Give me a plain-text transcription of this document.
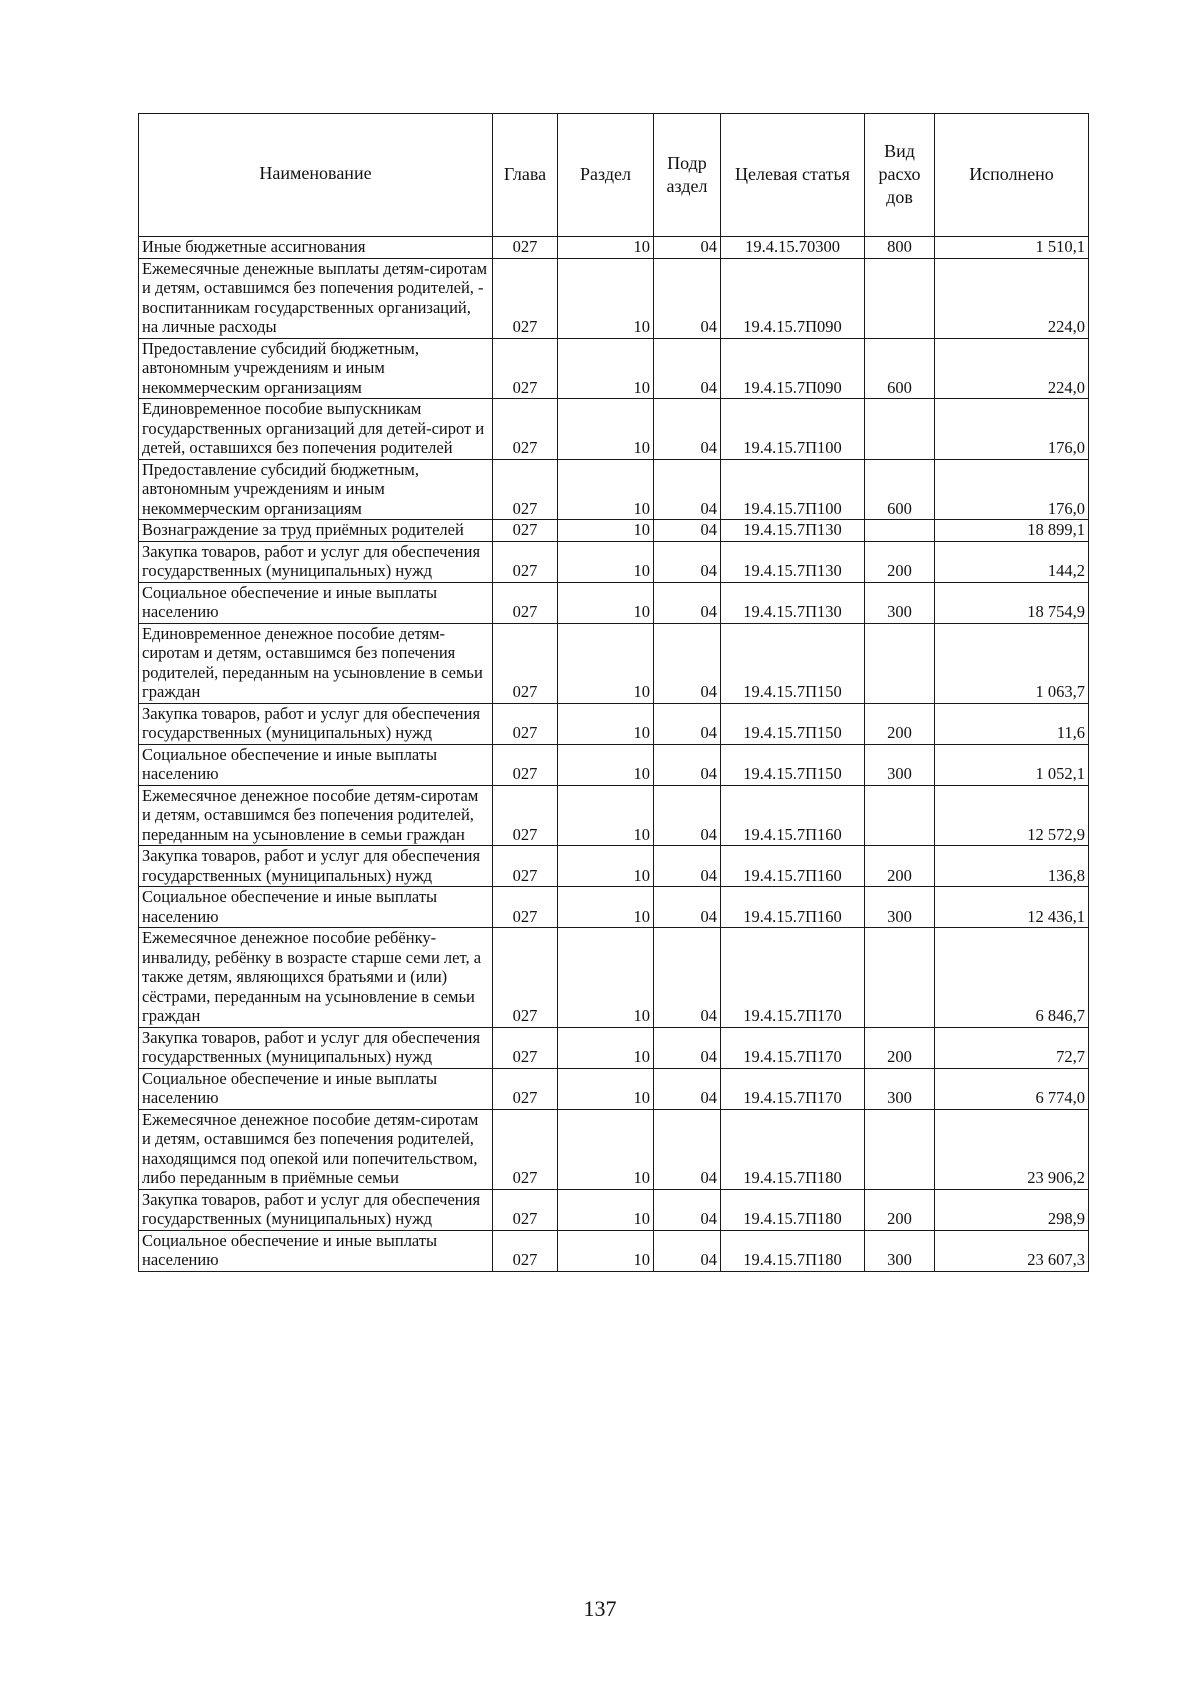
Наименование	Глава	Раздел	Подр аздел	Целевая статья	Вид расхо дов	Исполнено
Иные бюджетные ассигнования	027	10	04	19.4.15.70300	800	1 510,1
Ежемесячные денежные выплаты детям-сиротам и детям, оставшимся без попечения родителей, - воспитанникам государственных организаций, на личные расходы	027	10	04	19.4.15.7П090		224,0
Предоставление субсидий бюджетным, автономным учреждениям и иным некоммерческим организациям	027	10	04	19.4.15.7П090	600	224,0
Единовременное пособие выпускникам государственных организаций для детей-сирот и детей, оставшихся без попечения родителей	027	10	04	19.4.15.7П100		176,0
Предоставление субсидий бюджетным, автономным учреждениям и иным некоммерческим организациям	027	10	04	19.4.15.7П100	600	176,0
Вознаграждение за труд приёмных родителей	027	10	04	19.4.15.7П130		18 899,1
Закупка товаров, работ и услуг для обеспечения государственных (муниципальных) нужд	027	10	04	19.4.15.7П130	200	144,2
Социальное обеспечение и иные выплаты населению	027	10	04	19.4.15.7П130	300	18 754,9
Единовременное денежное пособие детям-сиротам и детям, оставшимся без попечения родителей, переданным на усыновление в семьи граждан	027	10	04	19.4.15.7П150		1 063,7
Закупка товаров, работ и услуг для обеспечения государственных (муниципальных) нужд	027	10	04	19.4.15.7П150	200	11,6
Социальное обеспечение и иные выплаты населению	027	10	04	19.4.15.7П150	300	1 052,1
Ежемесячное денежное пособие детям-сиротам и детям, оставшимся без попечения родителей, переданным на усыновление в семьи граждан	027	10	04	19.4.15.7П160		12 572,9
Закупка товаров, работ и услуг для обеспечения государственных (муниципальных) нужд	027	10	04	19.4.15.7П160	200	136,8
Социальное обеспечение и иные выплаты населению	027	10	04	19.4.15.7П160	300	12 436,1
Ежемесячное денежное пособие ребёнку-инвалиду, ребёнку в возрасте старше семи лет, а также детям, являющихся братьями и (или) сёстрами, переданным на усыновление в семьи граждан	027	10	04	19.4.15.7П170		6 846,7
Закупка товаров, работ и услуг для обеспечения государственных (муниципальных) нужд	027	10	04	19.4.15.7П170	200	72,7
Социальное обеспечение и иные выплаты населению	027	10	04	19.4.15.7П170	300	6 774,0
Ежемесячное денежное пособие детям-сиротам и детям, оставшимся без попечения родителей, находящимся под опекой или попечительством, либо переданным в приёмные семьи	027	10	04	19.4.15.7П180		23 906,2
Закупка товаров, работ и услуг для обеспечения государственных (муниципальных) нужд	027	10	04	19.4.15.7П180	200	298,9
Социальное обеспечение и иные выплаты населению	027	10	04	19.4.15.7П180	300	23 607,3
137
